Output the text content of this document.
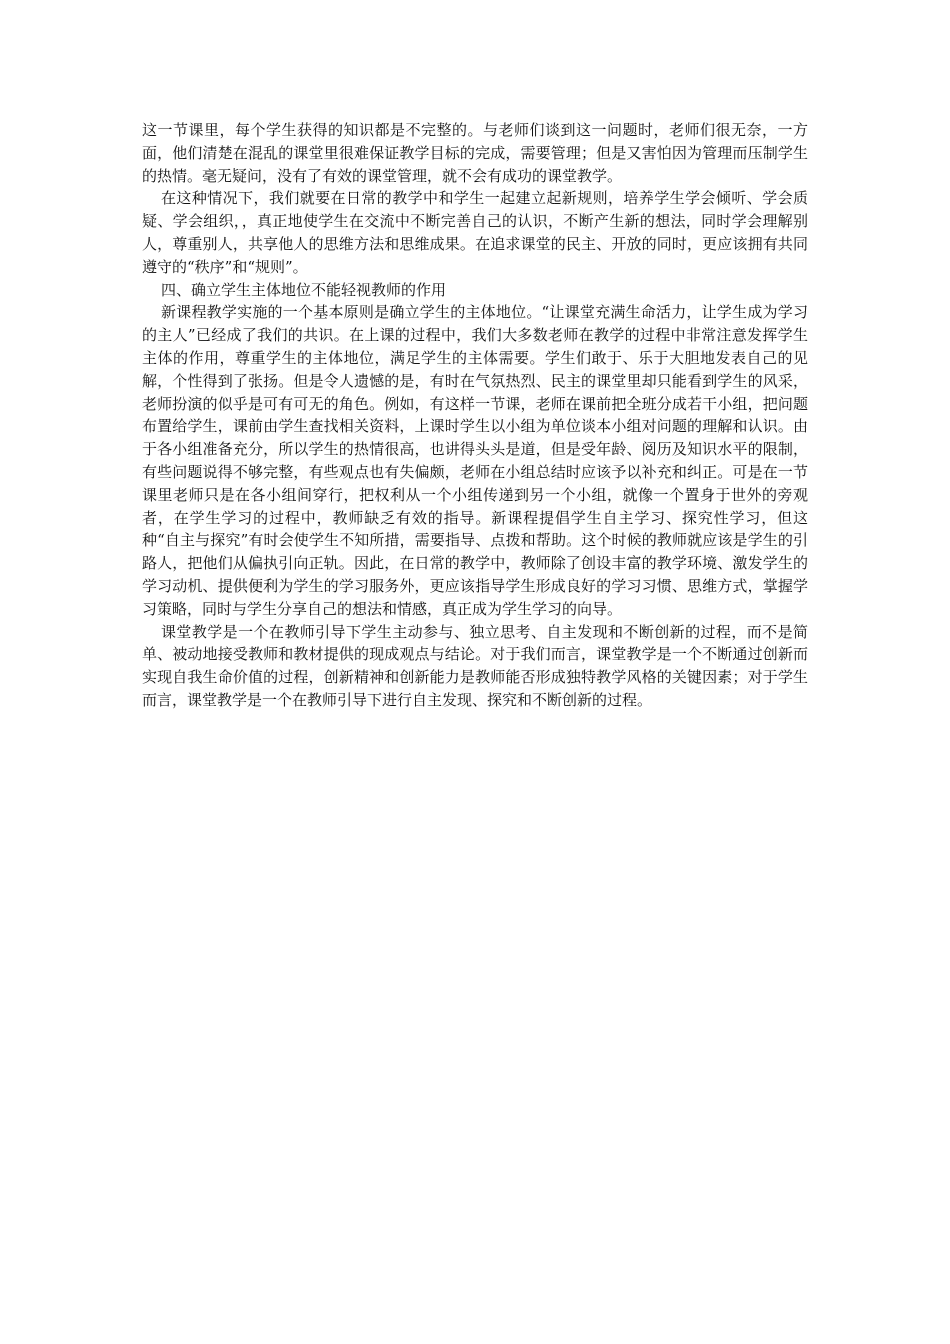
这一节课里，每个学生获得的知识都是不完整的。与老师们谈到这一问题时，老师们很无奈，一方面，他们清楚在混乱的课堂里很难保证教学目标的完成，需要管理；但是又害怕因为管理而压制学生的热情。毫无疑问，没有了有效的课堂管理，就不会有成功的课堂教学。

在这种情况下，我们就要在日常的教学中和学生一起建立起新规则，培养学生学会倾听、学会质疑、学会组织，，真正地使学生在交流中不断完善自己的认识，不断产生新的想法，同时学会理解别人，尊重别人，共享他人的思维方法和思维成果。在追求课堂的民主、开放的同时，更应该拥有共同遵守的“秩序”和“规则”。

四、确立学生主体地位不能轻视教师的作用

新课程教学实施的一个基本原则是确立学生的主体地位。“让课堂充满生命活力，让学生成为学习的主人”已经成了我们的共识。在上课的过程中，我们大多数老师在教学的过程中非常注意发挥学生主体的作用，尊重学生的主体地位，满足学生的主体需要。学生们敢于、乐于大胆地发表自己的见解，个性得到了张扬。但是令人遗憾的是，有时在气氛热烈、民主的课堂里却只能看到学生的风采，老师扮演的似乎是可有可无的角色。例如，有这样一节课，老师在课前把全班分成若干小组，把问题布置给学生，课前由学生查找相关资料，上课时学生以小组为单位谈本小组对问题的理解和认识。由于各小组准备充分，所以学生的热情很高，也讲得头头是道，但是受年龄、阅历及知识水平的限制，有些问题说得不够完整，有些观点也有失偏颇，老师在小组总结时应该予以补充和纠正。可是在一节课里老师只是在各小组间穿行，把权利从一个小组传递到另一个小组，就像一个置身于世外的旁观者，在学生学习的过程中，教师缺乏有效的指导。新课程提倡学生自主学习、探究性学习，但这种“自主与探究”有时会使学生不知所措，需要指导、点拨和帮助。这个时候的教师就应该是学生的引路人，把他们从偏执引向正轨。因此，在日常的教学中，教师除了创设丰富的教学环境、激发学生的学习动机、提供便利为学生的学习服务外，更应该指导学生形成良好的学习习惯、思维方式，掌握学习策略，同时与学生分享自己的想法和情感，真正成为学生学习的向导。

课堂教学是一个在教师引导下学生主动参与、独立思考、自主发现和不断创新的过程，而不是简单、被动地接受教师和教材提供的现成观点与结论。对于我们而言，课堂教学是一个不断通过创新而实现自我生命价值的过程，创新精神和创新能力是教师能否形成独特教学风格的关键因素；对于学生而言，课堂教学是一个在教师引导下进行自主发现、探究和不断创新的过程。
